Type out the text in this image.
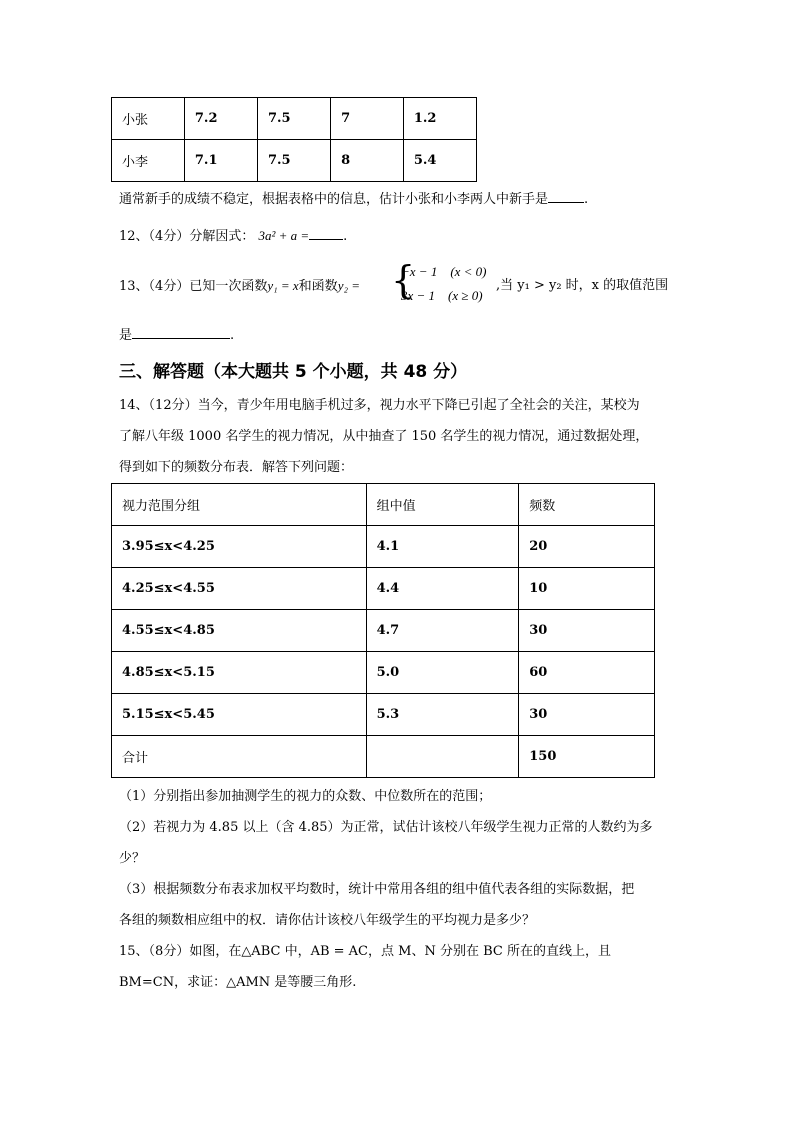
小张	7.2	7.5	7	1.2
小李	7.1	7.5	8	5.4
通常新手的成绩不稳定，根据表格中的信息，估计小张和小李两人中新手是	.
12、（4分）分解因式： 3a² + a =	.
13、（4分）已知一次函数y₁ = x和函数y₂ = {
−x − 1　(x < 0)
3x − 1　(x ≥ 0)
,当 y₁ > y₂ 时，x 的取值范围
是	.
三、解答题（本大题共 5 个小题，共 48 分）
14、（12分）当今，青少年用电脑手机过多，视力水平下降已引起了全社会的关注，某校为
了解八年级 1000 名学生的视力情况，从中抽查了 150 名学生的视力情况，通过数据处理，
得到如下的频数分布表．解答下列问题：
视力范围分组	组中值	频数
3.95≤x<4.25	4.1	20
4.25≤x<4.55	4.4	10
4.55≤x<4.85	4.7	30
4.85≤x<5.15	5.0	60
5.15≤x<5.45	5.3	30
合计		150
（1）分别指出参加抽测学生的视力的众数、中位数所在的范围；
（2）若视力为 4.85 以上（含 4.85）为正常，试估计该校八年级学生视力正常的人数约为多
少？
（3）根据频数分布表求加权平均数时，统计中常用各组的组中值代表各组的实际数据，把
各组的频数相应组中的权．请你估计该校八年级学生的平均视力是多少？
15、（8分）如图，在△ABC 中，AB = AC，点 M、N 分别在 BC 所在的直线上，且
BM=CN，求证：△AMN 是等腰三角形.
